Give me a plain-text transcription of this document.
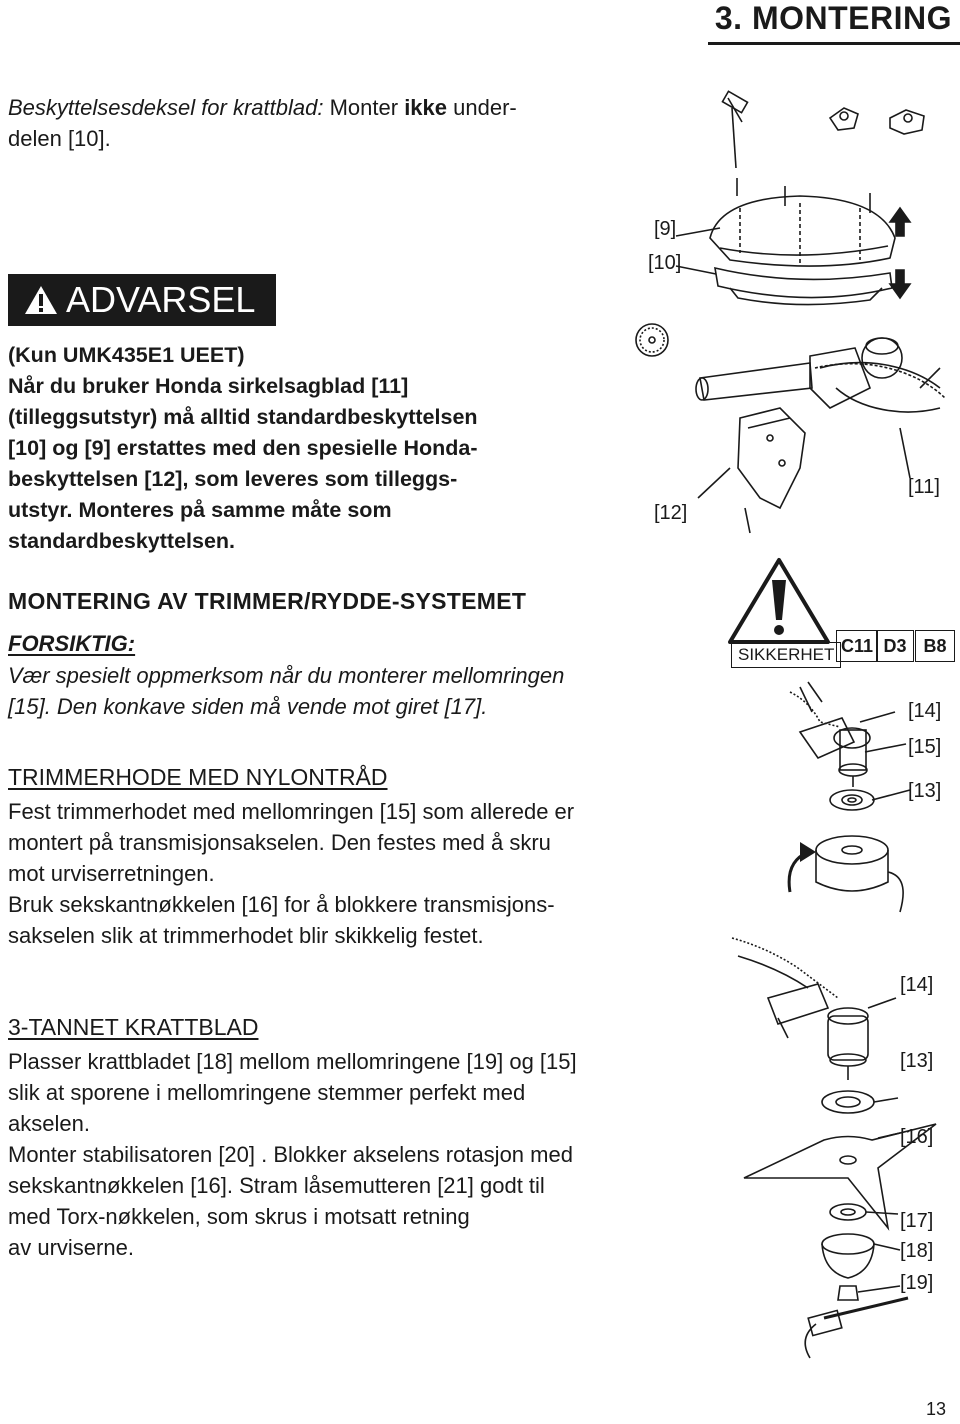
3. MONTERING
Beskyttelsesdeksel for krattblad: Monter ikke under-
delen [10].
ADVARSEL
(Kun UMK435E1 UEET)
Når du bruker Honda sirkelsagblad [11]
(tilleggsutstyr) må alltid standardbeskyttelsen
[10] og [9] erstattes med den spesielle Honda-
beskyttelsen [12], som leveres som tilleggs-
utstyr. Monteres på samme måte som
standardbeskyttelsen.
MONTERING AV TRIMMER/RYDDE-SYSTEMET
FORSIKTIG:
Vær spesielt oppmerksom når du monterer mellomringen
[15]. Den konkave siden må vende mot giret [17].
TRIMMERHODE MED NYLONTRÅD
Fest trimmerhodet med mellomringen [15] som allerede er
montert på transmisjonsakselen. Den festes med å skru
mot urviserretningen.
Bruk sekskantnøkkelen [16] for å blokkere transmisjons-
sakselen slik at trimmerhodet blir skikkelig festet.
3-TANNET KRATTBLAD
Plasser krattbladet [18] mellom mellomringene [19] og [15]
slik at sporene i mellomringene stemmer perfekt med
akselen.
Monter stabilisatoren [20] . Blokker akselens rotasjon med
sekskantnøkkelen [16]. Stram låsemutteren [21] godt til
med Torx-nøkkelen, som skrus i motsatt retning
av urviserne.
[9]
[10]
[12]
[11]
SIKKERHET C11 D3 B8
[14]
[15]
[13]
[14]
[13]
[16]
[17]
[18]
[19]
13
